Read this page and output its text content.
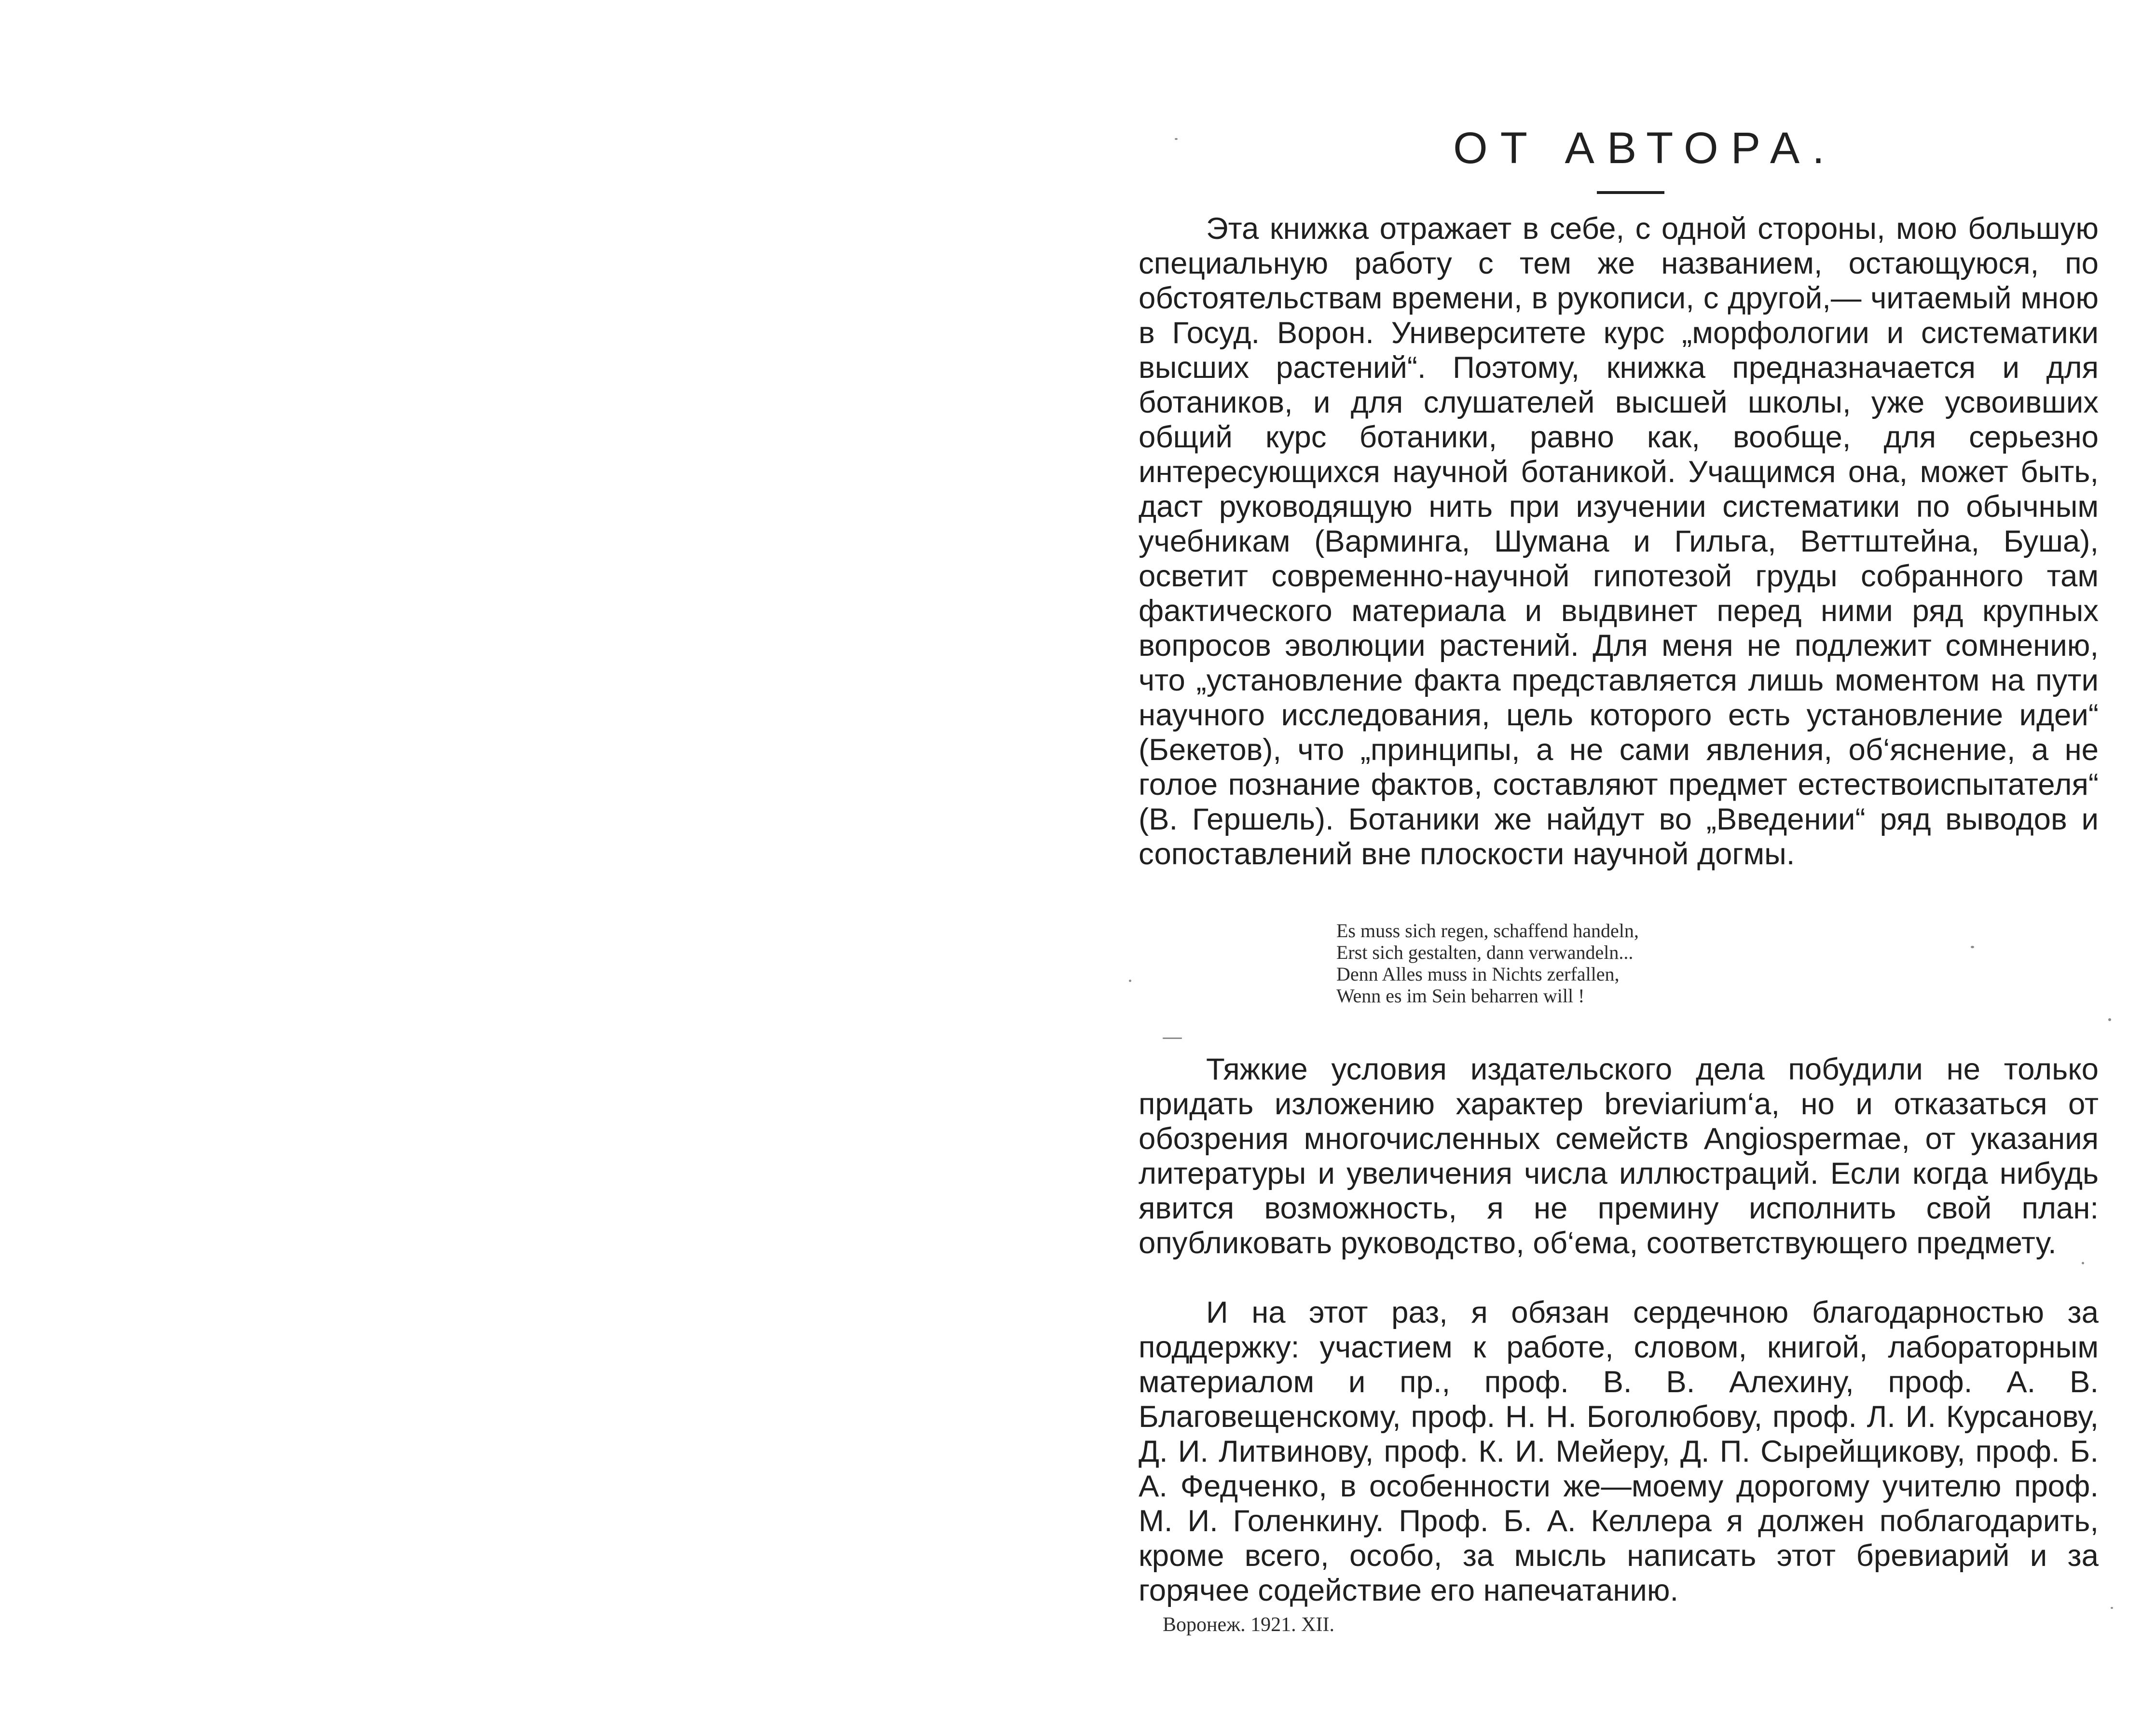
ОТ АВТОРА.

Эта книжка отражает в себе, с одной стороны, мою большую специальную работу с тем же названием, остающуюся, по обстоятельствам времени, в рукописи, с другой,— читаемый мною в Госуд. Ворон. Университете курс „морфологии и систематики высших растений“. Поэтому, книжка предназначается и для ботаников, и для слушателей высшей школы, уже усвоивших общий курс ботаники, равно как, вообще, для серьезно интересующихся научной ботаникой. Учащимся она, может быть, даст руководящую нить при изучении систематики по обычным учебникам (Варминга, Шумана и Гильга, Веттштейна, Буша), осветит современно-научной гипотезой груды собранного там фактического материала и выдвинет перед ними ряд крупных вопросов эволюции растений. Для меня не подлежит сомнению, что „установление факта представляется лишь моментом на пути научного исследования, цель которого есть установление идеи“ (Бекетов), что „принципы, а не сами явления, об‘яснение, а не голое познание фактов, составляют предмет естествоиспытателя“ (В. Гершель). Ботаники же найдут во „Введении“ ряд выводов и сопоставлений вне плоскости научной догмы.

Es muss sich regen, schaffend handeln,
Erst sich gestalten, dann verwandeln...
Denn Alles muss in Nichts zerfallen,
Wenn es im Sein beharren will !

Тяжкие условия издательского дела побудили не только придать изложению характер breviarium‘a, но и отказаться от обозрения многочисленных семейств Angiospermae, от указания литературы и увеличения числа иллюстраций. Если когда нибудь явится возможность, я не премину исполнить свой план: опубликовать руководство, об‘ема, соответствующего предмету.

И на этот раз, я обязан сердечною благодарностью за поддержку: участием к работе, словом, книгой, лабораторным материалом и пр., проф. В. В. Алехину, проф. А. В. Благовещенскому, проф. Н. Н. Боголюбову, проф. Л. И. Курсанову, Д. И. Литвинову, проф. К. И. Мейеру, Д. П. Сырейщикову, проф. Б. А. Федченко, в особенности же—моему дорогому учителю проф. М. И. Голенкину. Проф. Б. А. Келлера я должен поблагодарить, кроме всего, особо, за мысль написать этот бревиарий и за горячее содействие его напечатанию.

Воронеж. 1921. XII.
